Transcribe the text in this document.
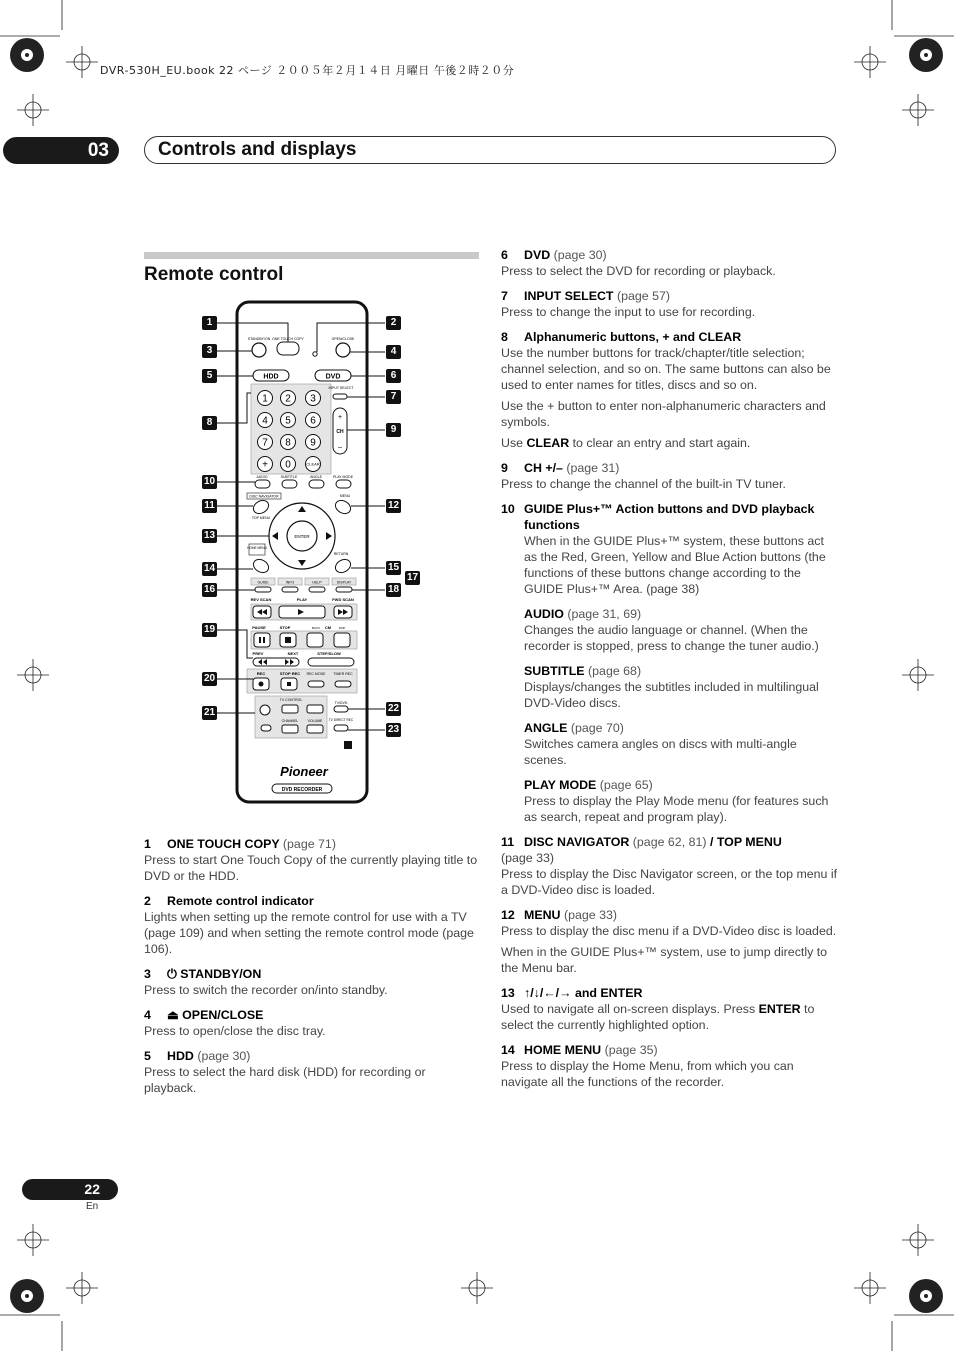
DVR-530H_EU.book 22 ページ ２００５年２月１４日 月曜日 午後２時２０分
03	Controls and displays
Remote control
STANDBY/ON ONE TOUCH COPY	OPEN/CLOSE
HDD	DVD
1 2 3
4 5 6
7 8 9
+ 0	CLEAR
INPUT SELECT
+
CH
–
AUDIO	SUBTITLE	ANGLE	PLAY MODE
DISC NAVIGATOR
TOP MENU
MENU
ENTER
HOME MENU
RETURN
GUIDE	INFO	HELP	DISPLAY
REV SCAN	PLAY	FWD SCAN
PAUSE	STOP	CM
BACK	SKIP
PREV	NEXT	STEP/SLOW
REC	STOP REC REC MODE TIMER REC
TV CONTROL
TV/DVD
CHANNEL	VOLUME TV DIRECT REC
Pioneer
DVD RECORDER
1
3
5
8
10
11
13
14
16
19
20
21
2
4
6
7
9
12
15
18
22
23
17
1 ONE TOUCH COPY (page 71)
Press to start One Touch Copy of the currently playing title to DVD or the HDD.
2 Remote control indicator
Lights when setting up the remote control for use with a TV (page 109) and when setting the remote control mode (page 106).
3 ⏻ STANDBY/ON
Press to switch the recorder on/into standby.
4 ⏏ OPEN/CLOSE
Press to open/close the disc tray.
5 HDD (page 30)
Press to select the hard disk (HDD) for recording or playback.
6 DVD (page 30)
Press to select the DVD for recording or playback.
7 INPUT SELECT (page 57)
Press to change the input to use for recording.
8 Alphanumeric buttons, + and CLEAR
Use the number buttons for track/chapter/title selection; channel selection, and so on. The same buttons can also be used to enter names for titles, discs and so on.
Use the + button to enter non-alphanumeric characters and symbols.
Use CLEAR to clear an entry and start again.
9 CH +/– (page 31)
Press to change the channel of the built-in TV tuner.
10 GUIDE Plus+™ Action buttons and DVD playback functions
When in the GUIDE Plus+™ system, these buttons act as the Red, Green, Yellow and Blue Action buttons (the functions of these buttons change according to the GUIDE Plus+™ Area. (page 38)
AUDIO (page 31, 69)
Changes the audio language or channel. (When the recorder is stopped, press to change the tuner audio.)
SUBTITLE (page 68)
Displays/changes the subtitles included in multilingual DVD-Video discs.
ANGLE (page 70)
Switches camera angles on discs with multi-angle scenes.
PLAY MODE (page 65)
Press to display the Play Mode menu (for features such as search, repeat and program play).
11 DISC NAVIGATOR (page 62, 81) / TOP MENU
(page 33)
Press to display the Disc Navigator screen, or the top menu if a DVD-Video disc is loaded.
12 MENU (page 33)
Press to display the disc menu if a DVD-Video disc is loaded.
When in the GUIDE Plus+™ system, use to jump directly to the Menu bar.
13 ↑/↓/←/→ and ENTER
Used to navigate all on-screen displays. Press ENTER to select the currently highlighted option.
14 HOME MENU (page 35)
Press to display the Home Menu, from which you can navigate all the functions of the recorder.
22
En
